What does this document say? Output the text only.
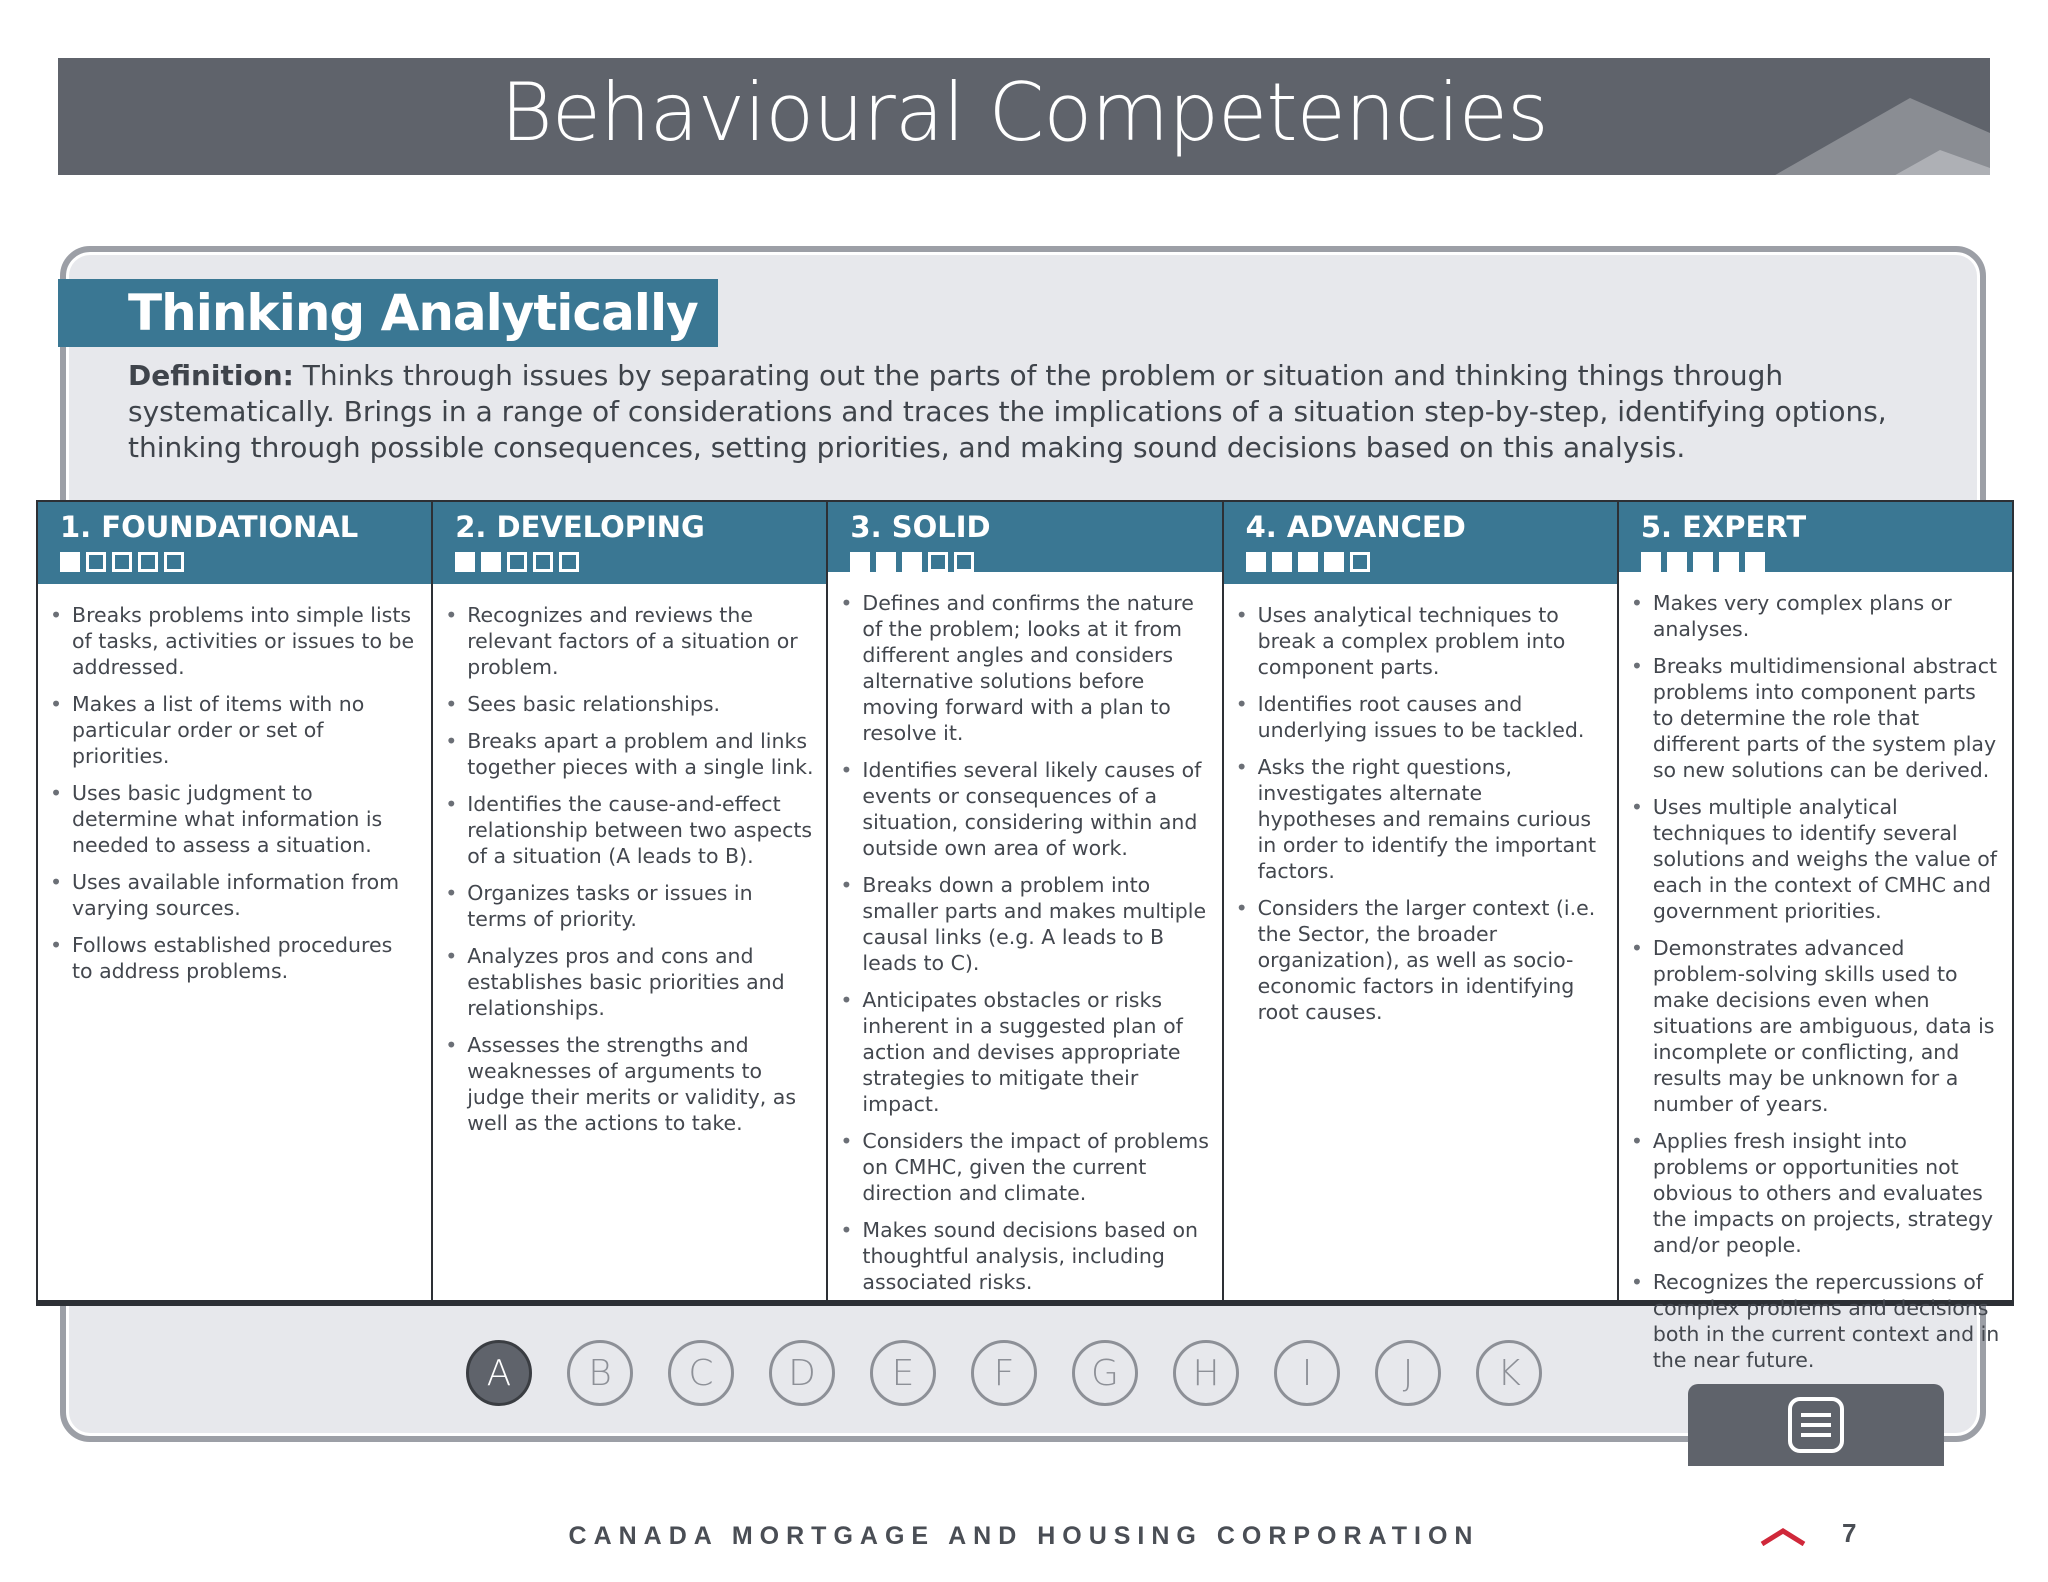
Behavioural Competencies
Thinking Analytically
Definition: Thinks through issues by separating out the parts of the problem or situation and thinking things through systematically. Brings in a range of considerations and traces the implications of a situation step-by-step, identifying options, thinking through possible consequences, setting priorities, and making sound decisions based on this analysis.
1. FOUNDATIONAL
• Breaks problems into simple lists of tasks, activities or issues to be addressed.
• Makes a list of items with no particular order or set of priorities.
• Uses basic judgment to determine what information is needed to assess a situation.
• Uses available information from varying sources.
• Follows established procedures to address problems.
2. DEVELOPING
• Recognizes and reviews the relevant factors of a situation or problem.
• Sees basic relationships.
• Breaks apart a problem and links together pieces with a single link.
• Identifies the cause-and-effect relationship between two aspects of a situation (A leads to B).
• Organizes tasks or issues in terms of priority.
• Analyzes pros and cons and establishes basic priorities and relationships.
• Assesses the strengths and weaknesses of arguments to judge their merits or validity, as well as the actions to take.
3. SOLID
• Defines and confirms the nature of the problem; looks at it from different angles and considers alternative solutions before moving forward with a plan to resolve it.
• Identifies several likely causes of events or consequences of a situation, considering within and outside own area of work.
• Breaks down a problem into smaller parts and makes multiple causal links (e.g. A leads to B leads to C).
• Anticipates obstacles or risks inherent in a suggested plan of action and devises appropriate strategies to mitigate their impact.
• Considers the impact of problems on CMHC, given the current direction and climate.
• Makes sound decisions based on thoughtful analysis, including associated risks.
4. ADVANCED
• Uses analytical techniques to break a complex problem into component parts.
• Identifies root causes and underlying issues to be tackled.
• Asks the right questions, investigates alternate hypotheses and remains curious in order to identify the important factors.
• Considers the larger context (i.e. the Sector, the broader organization), as well as socio-economic factors in identifying root causes.
5. EXPERT
• Makes very complex plans or analyses.
• Breaks multidimensional abstract problems into component parts to determine the role that different parts of the system play so new solutions can be derived.
• Uses multiple analytical techniques to identify several solutions and weighs the value of each in the context of CMHC and government priorities.
• Demonstrates advanced problem-solving skills used to make decisions even when situations are ambiguous, data is incomplete or conflicting, and results may be unknown for a number of years.
• Applies fresh insight into problems or opportunities not obvious to others and evaluates the impacts on projects, strategy and/or people.
• Recognizes the repercussions of complex problems and decisions both in the current context and in the near future.
A	B	C	D	E	F	G	H	I	J	K
CANADA MORTGAGE AND HOUSING CORPORATION	7
